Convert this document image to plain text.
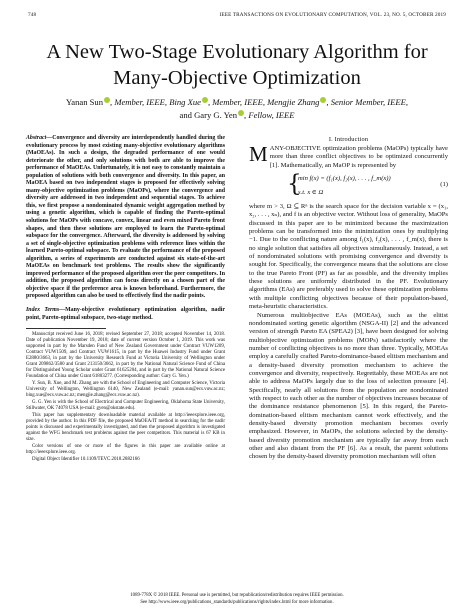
748	IEEE TRANSACTIONS ON EVOLUTIONARY COMPUTATION, VOL. 23, NO. 5, OCTOBER 2019
A New Two-Stage Evolutionary Algorithm for
Many-Objective Optimization
Yanan Sun , Member, IEEE, Bing Xue , Member, IEEE, Mengjie Zhang , Senior Member, IEEE,
and Gary G. Yen , Fellow, IEEE

Abstract—Convergence and diversity are interdependently handled during the evolutionary process by most existing many-objective evolutionary algorithms (MaOEAs). In such a design, the degraded performance of one would deteriorate the other, and only solutions with both are able to improve the performance of MaOEAs. Unfortunately, it is not easy to constantly maintain a population of solutions with both convergence and diversity. In this paper, an MaOEA based on two independent stages is proposed for effectively solving many-objective optimization problems (MaOPs), where the convergence and diversity are addressed in two independent and sequential stages. To achieve this, we first propose a nondominated dynamic weight aggregation method by using a genetic algorithm, which is capable of finding the Pareto-optimal solutions for MaOPs with concave, convex, linear and even mixed Pareto front shapes, and then these solutions are employed to learn the Pareto-optimal subspace for the convergence. Afterward, the diversity is addressed by solving a set of single-objective optimization problems with reference lines within the learned Pareto-optimal subspace. To evaluate the performance of the proposed algorithm, a series of experiments are conducted against six state-of-the-art MaOEAs on benchmark test problems. The results show the significantly improved performance of the proposed algorithm over the peer competitors. In addition, the proposed algorithm can focus directly on a chosen part of the objective space if the preference area is known beforehand. Furthermore, the proposed algorithm can also be used to effectively find the nadir points.

Index Terms—Many-objective evolutionary optimization algorithm, nadir point, Pareto-optimal subspace, two-stage method.

Manuscript received June 16, 2018; revised September 27, 2018; accepted November 14, 2018. Date of publication November 19, 2018; date of current version October 1, 2019. This work was supported in part by the Marsden Fund of New Zealand Government under Contract VUW1209, Contract VUW1509, and Contract VUW1615, in part by the Huawei Industry Fund under Grant E2880/3663, in part by the University Research Fund at Victoria University of Wellington under Grant 209862/3580 and Grant 213150/3662, in part by the National Natural Science Fund of China for Distinguished Young Scholar under Grant 61625204, and in part by the National Natural Science Foundation of China under Grant 61803277. (Corresponding author: Gary G. Yen.)

Y. Sun, B. Xue, and M. Zhang are with the School of Engineering and Computer Science, Victoria University of Wellington, Wellington 6140, New Zealand (e-mail: yanan.sun@ecs.vuw.ac.nz; bing.xue@ecs.vuw.ac.nz; mengjie.zhang@ecs.vuw.ac.nz).

G. G. Yen is with the School of Electrical and Computer Engineering, Oklahoma State University, Stillwater, OK 74078 USA (e-mail: gyen@okstate.edu).

This paper has supplementary downloadable material available at http://ieeexplore.ieee.org, provided by the author. In this PDF file, the proposed MaOEA/IT method in searching for the nadir points is discussed and experimentally investigated, and then the proposed algorithm is investigated against the WFG benchmark test problems against the peer competitors. This material is 67 KB in size.

Color versions of one or more of the figures in this paper are available online at http://ieeexplore.ieee.org.

Digital Object Identifier 10.1109/TEVC.2018.2882166

I. Introduction

MANY-OBJECTIVE optimization problems (MaOPs) typically have more than three conflict objectives to be optimized concurrently [1]. Mathematically, an MaOP is represented by

{
min f(x) = (f₁(x), f₂(x), . . . , f_m(x))
s.t. x ∈ Ω
(1)

where m > 3, Ω ⊆ Rⁿ is the search space for the decision variable x = (x₁, x₂, . . . , xₙ), and f is an objective vector. Without loss of generality, MaOPs discussed in this paper are to be minimized because the maximization problems can be transformed into the minimization ones by multiplying −1. Due to the conflicting nature among f₁(x), f₂(x), . . . , f_m(x), there is no single solution that satisfies all objectives simultaneously. Instead, a set of nondominated solutions with promising convergence and diversity is sought for. Specifically, the convergence means that the solutions are close to the true Pareto Front (PF) as far as possible, and the diversity implies these solutions are uniformly distributed in the PF. Evolutionary algorithms (EAs) are preferably used to solve these optimization problems with multiple conflicting objectives because of their population-based, meta-heuristic characteristics.

Numerous multiobjective EAs (MOEAs), such as the elitist nondominated sorting genetic algorithm (NSGA-II) [2] and the advanced version of strength Pareto EA (SPEA2) [3], have been designed for solving multiobjective optimization problems (MOPs) satisfactorily where the number of conflicting objectives is no more than three. Typically, MOEAs employ a carefully crafted Pareto-dominance-based elitism mechanism and a density-based diversity promotion mechanism to achieve the convergence and diversity, respectively. Regrettably, these MOEAs are not able to address MaOPs largely due to the loss of selection pressure [4]. Specifically, nearly all solutions from the population are nondominated with respect to each other as the number of objectives increases because of the dominance resistance phenomenon [5]. In this regard, the Pareto-domination-based elitism mechanism cannot work effectively, and the density-based diversity promotion mechanism becomes overly emphasized. However, in MaOPs, the solutions selected by the density-based diversity promotion mechanism are typically far away from each other and also distant from the PF [6]. As a result, the parent solutions chosen by the density-based diversity promotion mechanism will often

1089-778X © 2018 IEEE. Personal use is permitted, but republication/redistribution requires IEEE permission.
See http://www.ieee.org/publications_standards/publications/rights/index.html for more information.
